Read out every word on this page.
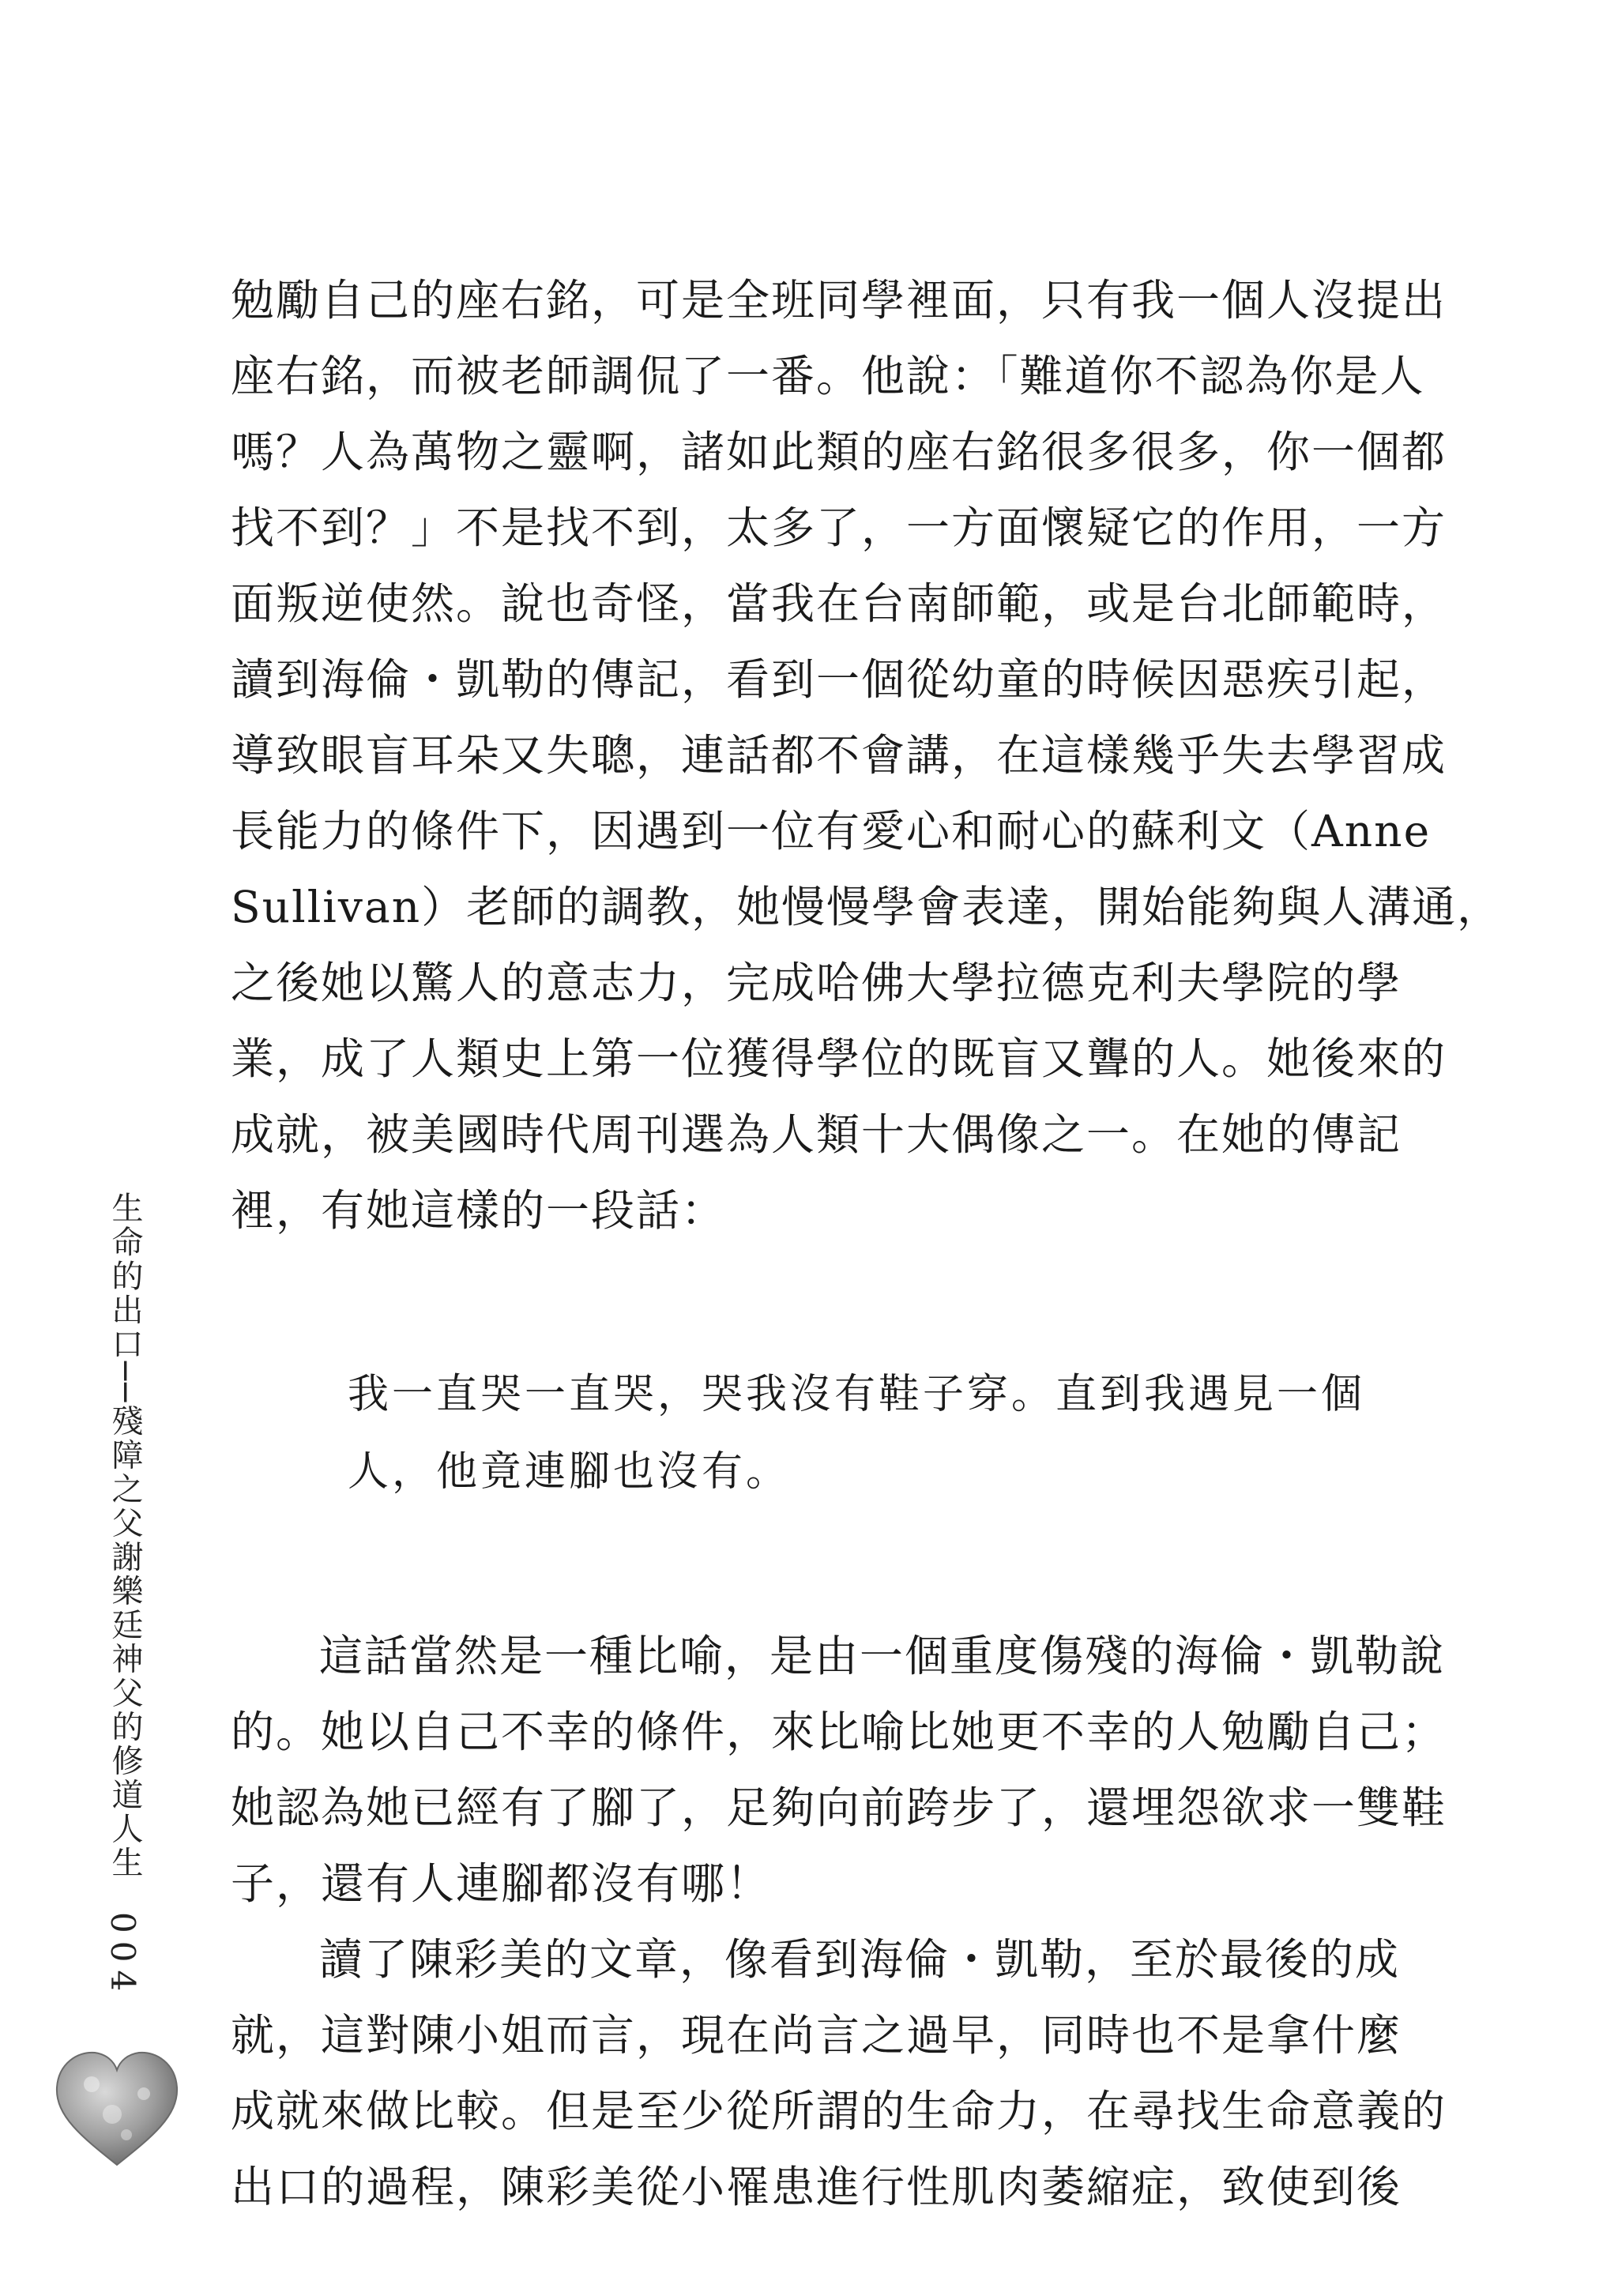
勉勵自己的座右銘，可是全班同學裡面，只有我一個人沒提出
座右銘，而被老師調侃了一番。他說：「難道你不認為你是人
嗎？人為萬物之靈啊，諸如此類的座右銘很多很多，你一個都
找不到？」不是找不到，太多了，一方面懷疑它的作用，一方
面叛逆使然。說也奇怪，當我在台南師範，或是台北師範時，
讀到海倫・凱勒的傳記，看到一個從幼童的時候因惡疾引起，
導致眼盲耳朵又失聰，連話都不會講，在這樣幾乎失去學習成
長能力的條件下，因遇到一位有愛心和耐心的蘇利文（Anne
Sullivan）老師的調教，她慢慢學會表達，開始能夠與人溝通，
之後她以驚人的意志力，完成哈佛大學拉德克利夫學院的學
業，成了人類史上第一位獲得學位的既盲又聾的人。她後來的
成就，被美國時代周刊選為人類十大偶像之一。在她的傳記
裡，有她這樣的一段話：
我一直哭一直哭，哭我沒有鞋子穿。直到我遇見一個
人，他竟連腳也沒有。
這話當然是一種比喻，是由一個重度傷殘的海倫・凱勒說
的。她以自己不幸的條件，來比喻比她更不幸的人勉勵自己；
她認為她已經有了腳了，足夠向前跨步了，還埋怨欲求一雙鞋
子，還有人連腳都沒有哪！
讀了陳彩美的文章，像看到海倫・凱勒，至於最後的成
就，這對陳小姐而言，現在尚言之過早，同時也不是拿什麼
成就來做比較。但是至少從所謂的生命力，在尋找生命意義的
出口的過程，陳彩美從小罹患進行性肌肉萎縮症，致使到後
生命的出口──殘障之父謝樂廷神父的修道人生
004
